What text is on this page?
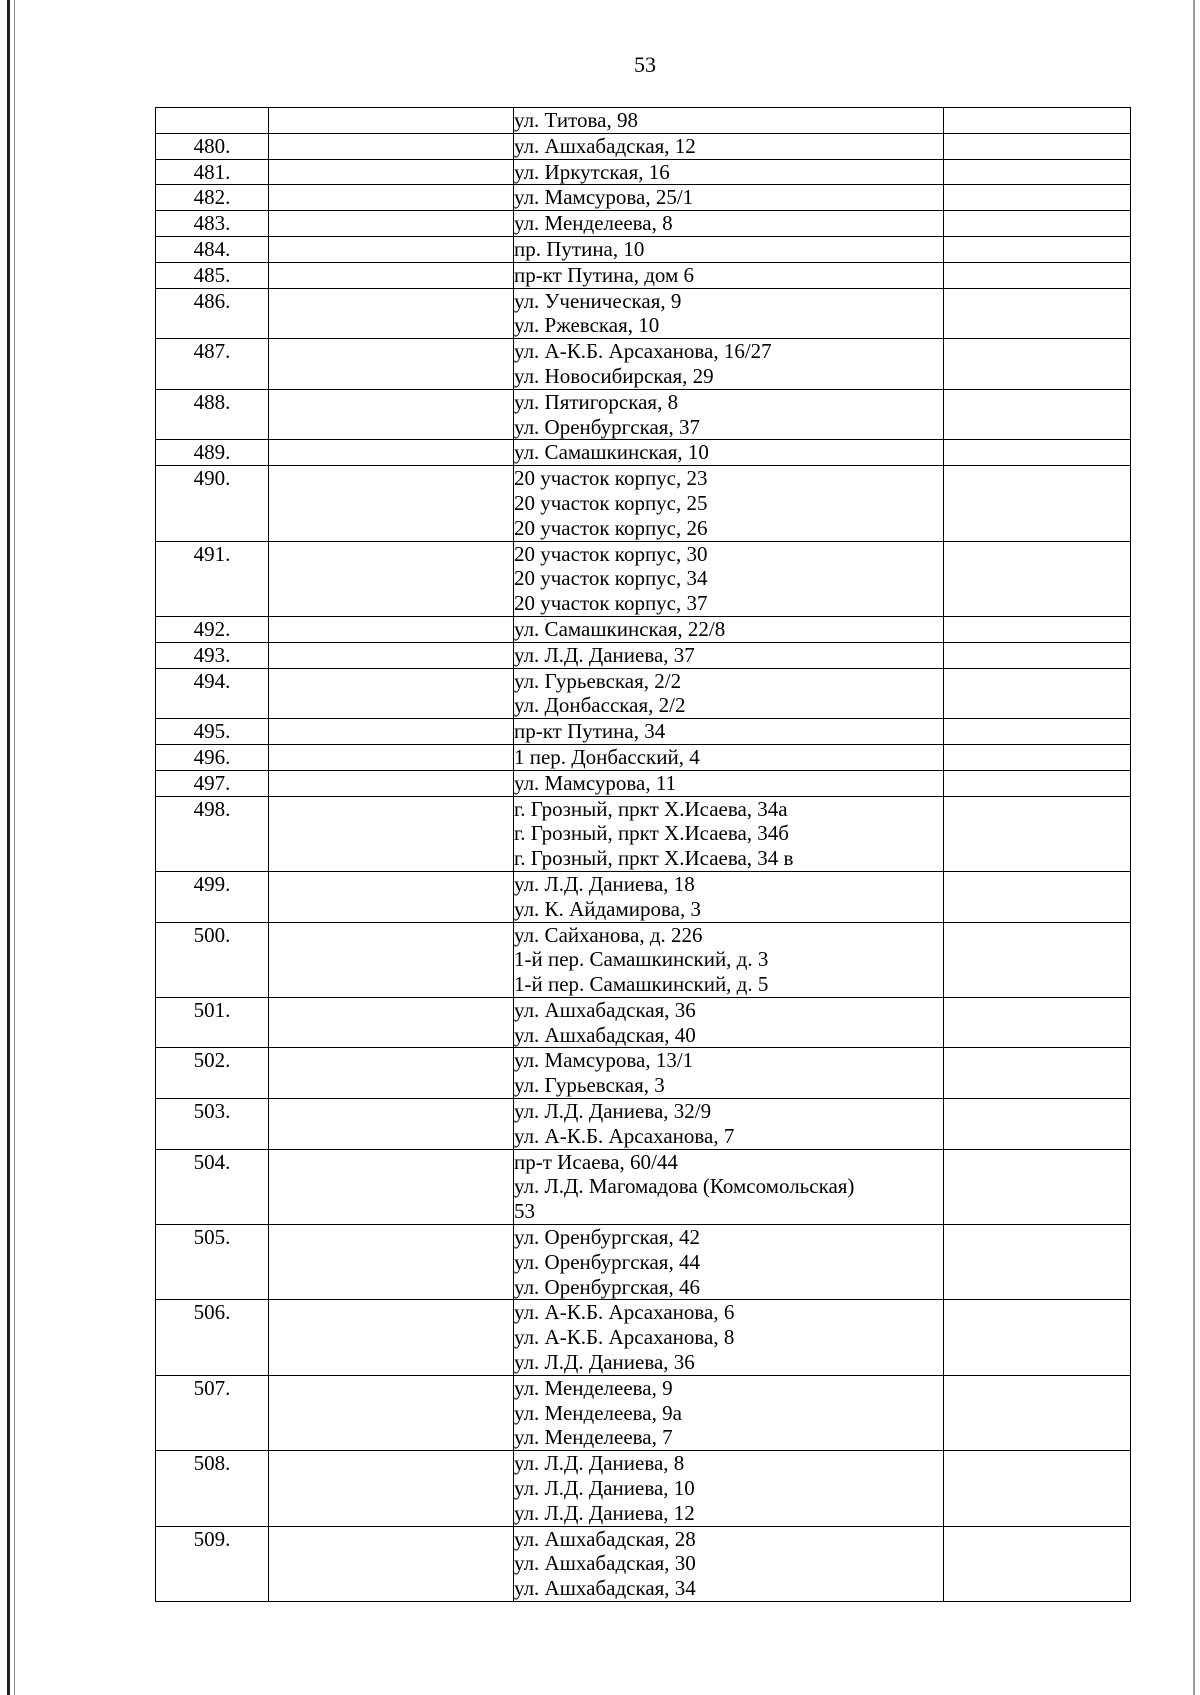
53

		ул. Титова, 98	

480.		ул. Ашхабадская, 12	

481.		ул. Иркутская, 16	

482.		ул. Мамсурова, 25/1	

483.		ул. Менделеева, 8	

484.		пр. Путина, 10	

485.		пр-кт Путина, дом 6	

486.		ул. Ученическая, 9
ул. Ржевская, 10	

487.		ул. А-К.Б. Арсаханова, 16/27
ул. Новосибирская, 29	

488.		ул. Пятигорская, 8
ул. Оренбургская, 37	

489.		ул. Самашкинская, 10	

490.		20 участок корпус, 23
20 участок корпус, 25
20 участок корпус, 26	

491.		20 участок корпус, 30
20 участок корпус, 34
20 участок корпус, 37	

492.		ул. Самашкинская, 22/8	

493.		ул. Л.Д. Даниева, 37	

494.		ул. Гурьевская, 2/2
ул. Донбасская, 2/2	

495.		пр-кт Путина, 34	

496.		1 пер. Донбасский, 4	

497.		ул. Мамсурова, 11	

498.		г. Грозный, пркт Х.Исаева, 34а
г. Грозный, пркт Х.Исаева, 34б
г. Грозный, пркт Х.Исаева, 34 в	

499.		ул. Л.Д. Даниева, 18
ул. К. Айдамирова, 3	

500.		ул. Сайханова, д. 226
1-й пер. Самашкинский, д. 3
1-й пер. Самашкинский, д. 5	

501.		ул. Ашхабадская, 36
ул. Ашхабадская, 40	

502.		ул. Мамсурова, 13/1
ул. Гурьевская, 3	

503.		ул. Л.Д. Даниева, 32/9
ул. А-К.Б. Арсаханова, 7	

504.		пр-т Исаева, 60/44
ул. Л.Д. Магомадова (Комсомольская)
53	

505.		ул. Оренбургская, 42
ул. Оренбургская, 44
ул. Оренбургская, 46	

506.		ул. А-К.Б. Арсаханова, 6
ул. А-К.Б. Арсаханова, 8
ул. Л.Д. Даниева, 36	

507.		ул. Менделеева, 9
ул. Менделеева, 9а
ул. Менделеева, 7	

508.		ул. Л.Д. Даниева, 8
ул. Л.Д. Даниева, 10
ул. Л.Д. Даниева, 12	

509.		ул. Ашхабадская, 28
ул. Ашхабадская, 30
ул. Ашхабадская, 34	
